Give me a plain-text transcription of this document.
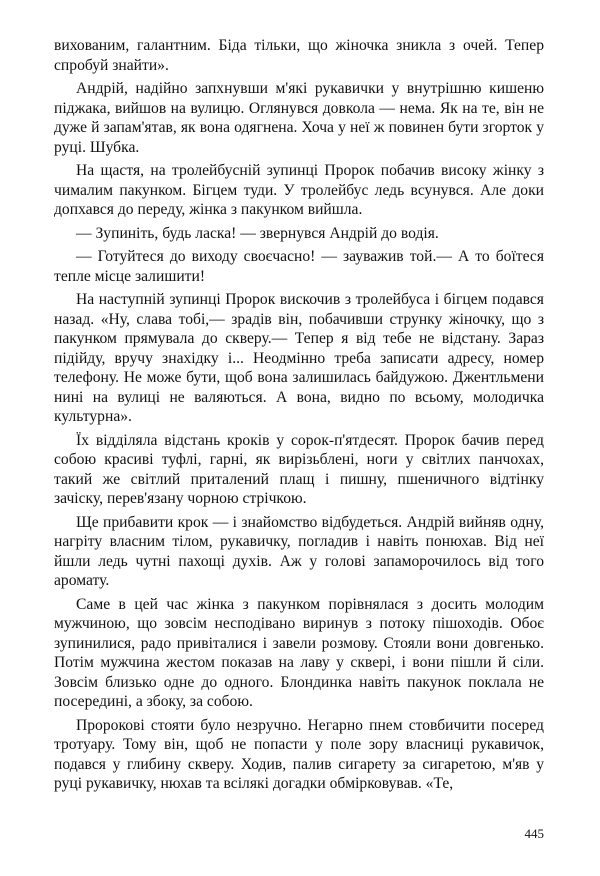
вихованим, галантним. Біда тільки, що жіночка зникла з очей. Тепер спробуй знайти».

Андрій, надійно запхнувши м'які рукавички у внутрішню кишеню піджака, вийшов на вулицю. Оглянувся довкола — нема. Як на те, він не дуже й запам'ятав, як вона одягнена. Хоча у неї ж повинен бути згорток у руці. Шубка.

На щастя, на тролейбусній зупинці Пророк побачив високу жінку з чималим пакунком. Бігцем туди. У тролейбус ледь всунувся. Але доки допхався до переду, жінка з пакунком вийшла.

— Зупиніть, будь ласка! — звернувся Андрій до водія.

— Готуйтеся до виходу своєчасно! — зауважив той.— А то боїтеся тепле місце залишити!

На наступній зупинці Пророк вискочив з тролейбуса і бігцем подався назад. «Ну, слава тобі,— зрадів він, побачивши струнку жіночку, що з пакунком прямувала до скверу.— Тепер я від тебе не відстану. Зараз підійду, вручу знахідку і... Неодмінно треба записати адресу, номер телефону. Не може бути, щоб вона залишилась байдужою. Джентльмени нині на вулиці не валяються. А вона, видно по всьому, молодичка культурна».

Їх відділяла відстань кроків у сорок-п'ятдесят. Пророк бачив перед собою красиві туфлі, гарні, як вирізьблені, ноги у світлих панчохах, такий же світлий приталений плащ і пишну, пшеничного відтінку зачіску, перев'язану чорною стрічкою.

Ще прибавити крок — і знайомство відбудеться. Андрій вийняв одну, нагріту власним тілом, рукавичку, погладив і навіть понюхав. Від неї йшли ледь чутні пахощі духів. Аж у голові запаморочилось від того аромату.

Саме в цей час жінка з пакунком порівнялася з досить молодим мужчиною, що зовсім несподівано виринув з потоку пішоходів. Обоє зупинилися, радо привіталися і завели розмову. Стояли вони довгенько. Потім мужчина жестом показав на лаву у сквері, і вони пішли й сіли. Зовсім близько одне до одного. Блондинка навіть пакунок поклала не посередині, а збоку, за собою.

Пророкові стояти було незручно. Негарно пнем стовбичити посеред тротуару. Тому він, щоб не попасти у поле зору власниці рукавичок, подався у глибину скверу. Ходив, палив сигарету за сигаретою, м'яв у руці рукавичку, нюхав та всілякі догадки обмірковував. «Те,

445
